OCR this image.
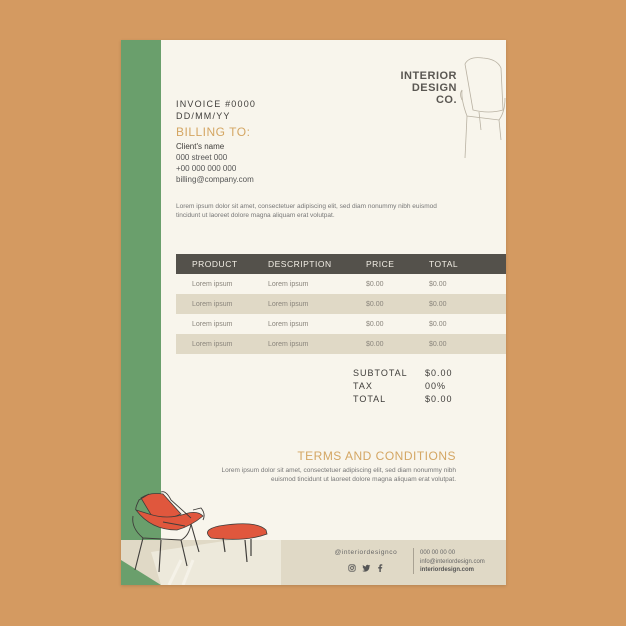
INTERIOR
DESIGN
CO.
INVOICE #0000
DD/MM/YY
BILLING TO:
Client's name
000 street 000
+00 000 000 000
billing@company.com
Lorem ipsum dolor sit amet, consectetuer adipiscing elit, sed diam nonummy nibh euismod tincidunt ut laoreet dolore magna aliquam erat volutpat.
PRODUCT	DESCRIPTION	PRICE	TOTAL
Lorem ipsum	Lorem ipsum	$0.00	$0.00
Lorem ipsum	Lorem ipsum	$0.00	$0.00
Lorem ipsum	Lorem ipsum	$0.00	$0.00
Lorem ipsum	Lorem ipsum	$0.00	$0.00
SUBTOTAL	$0.00
TAX	00%
TOTAL	$0.00
TERMS AND CONDITIONS
Lorem ipsum dolor sit amet, consectetuer adipiscing elit, sed diam nonummy nibh euismod tincidunt ut laoreet dolore magna aliquam erat volutpat.
@interiordesignco	000 00 00 00
info@interiordesign.com
interiordesign.com
